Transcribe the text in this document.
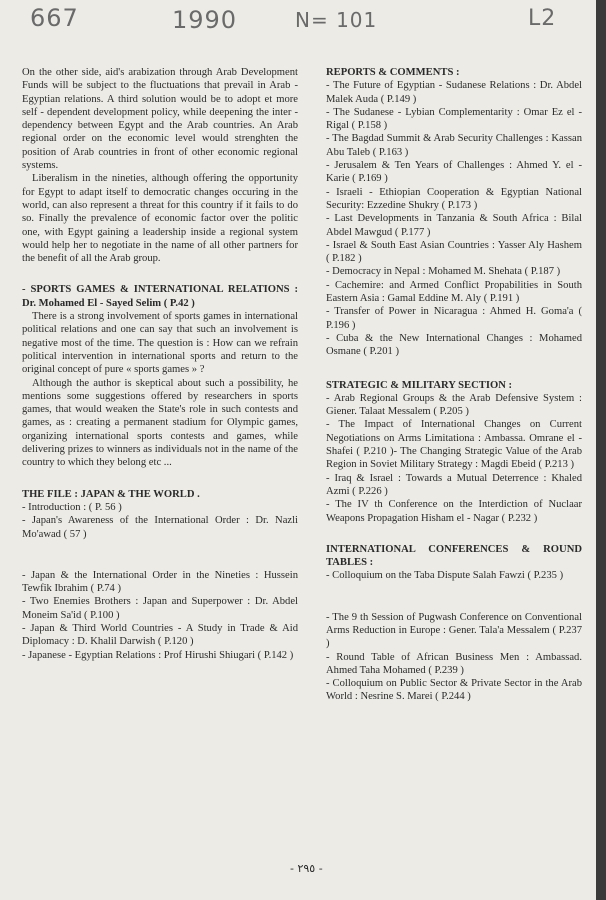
667	1990	N= 101	L2

On the other side, aid's arabization through Arab Development Funds will be subject to the fluctuations that prevail in Arab - Egyptian relations. A third solution would be to adopt et more self - dependent development policy, while deepening the inter - dependency between Egypt and the Arab countries. An Arab regional order on the economic level would strenghten the position of Arab countries in front of other economic regional systems.

Liberalism in the nineties, although offering the opportunity for Egypt to adapt itself to democratic changes occuring in the world, can also represent a threat for this country if it fails to do so. Finally the prevalence of economic factor over the politic one, with Egypt gaining a leadership inside a regional system would help her to negotiate in the name of all other partners for the benefit of all the Arab group.

- SPORTS GAMES & INTERNATIONAL RELATIONS : Dr. Mohamed El - Sayed Selim ( P.42 )

There is a strong involvement of sports games in international political relations and one can say that such an involvement is negative most of the time. The question is : How can we refrain political intervention in international sports and return to the original concept of pure « sports games » ?

Although the author is skeptical about such a possibility, he mentions some suggestions offered by researchers in sports games, that would weaken the State's role in such contests and games, as : creating a permanent stadium for Olympic games, organizing international sports contests and games, while delivering prizes to winners as individuals not in the name of the country to which they belong etc ...

THE FILE : JAPAN & THE WORLD .

- Introduction : ( P. 56 )

- Japan's Awareness of the International Order : Dr. Nazli Mo'awad ( 57 )

- Japan & the International Order in the Nineties : Hussein Tewfik Ibrahim ( P.74 )

- Two Enemies Brothers : Japan and Superpower : Dr. Abdel Moneim Sa'id ( P.100 )

- Japan & Third World Countries - A Study in Trade & Aid Diplomacy : D. Khalil Darwish ( P.120 )

- Japanese - Egyptian Relations : Prof Hirushi Shiugari ( P.142 )

REPORTS & COMMENTS :

- The Future of Egyptian - Sudanese Relations : Dr. Abdel Malek Auda ( P.149 )

- The Sudanese - Lybian Complementarity : Omar Ez el - Rigal ( P.158 )

- The Bagdad Summit & Arab Security Challenges : Kassan Abu Taleb ( P.163 )

- Jerusalem & Ten Years of Challenges : Ahmed Y. el - Karie ( P.169 )

- Israeli - Ethiopian Cooperation & Egyptian National Security: Ezzedine Shukry ( P.173 )

- Last Developments in Tanzania & South Africa : Bilal Abdel Mawgud ( P.177 )

- Israel & South East Asian Countries : Yasser Aly Hashem ( P.182 )

- Democracy in Nepal : Mohamed M. Shehata ( P.187 )

- Cachemire: and Armed Conflict Propabilities in South Eastern Asia : Gamal Eddine M. Aly ( P.191 )

- Transfer of Power in Nicaragua : Ahmed H. Goma'a ( P.196 )

- Cuba & the New International Changes : Mohamed Osmane ( P.201 )

STRATEGIC & MILITARY SECTION :

- Arab Regional Groups & the Arab Defensive System : Giener. Talaat Messalem ( P.205 )

- The Impact of International Changes on Current Negotiations on Arms Limitationa : Ambassa. Omrane el - Shafei ( P.210 )- The Changing Strategic Value of the Arab Region in Soviet Military Strategy : Magdi Ebeid ( P.213 )

- Iraq & Israel : Towards a Mutual Deterrence : Khaled Azmi ( P.226 )

- The IV th Conference on the Interdiction of Nuclaar Weapons Propagation Hisham el - Nagar ( P.232 )

INTERNATIONAL CONFERENCES & ROUND TABLES :

- Colloquium on the Taba Dispute Salah Fawzi ( P.235 )

- The 9 th Session of Pugwash Conference on Conventional Arms Reduction in Europe : Gener. Tala'a Messalem ( P.237 )

- Round Table of African Business Men : Ambassad. Ahmed Taha Mohamed ( P.239 )

- Colloquium on Public Sector & Private Sector in the Arab World : Nesrine S. Marei ( P.244 )

- ٢٩٥ -
